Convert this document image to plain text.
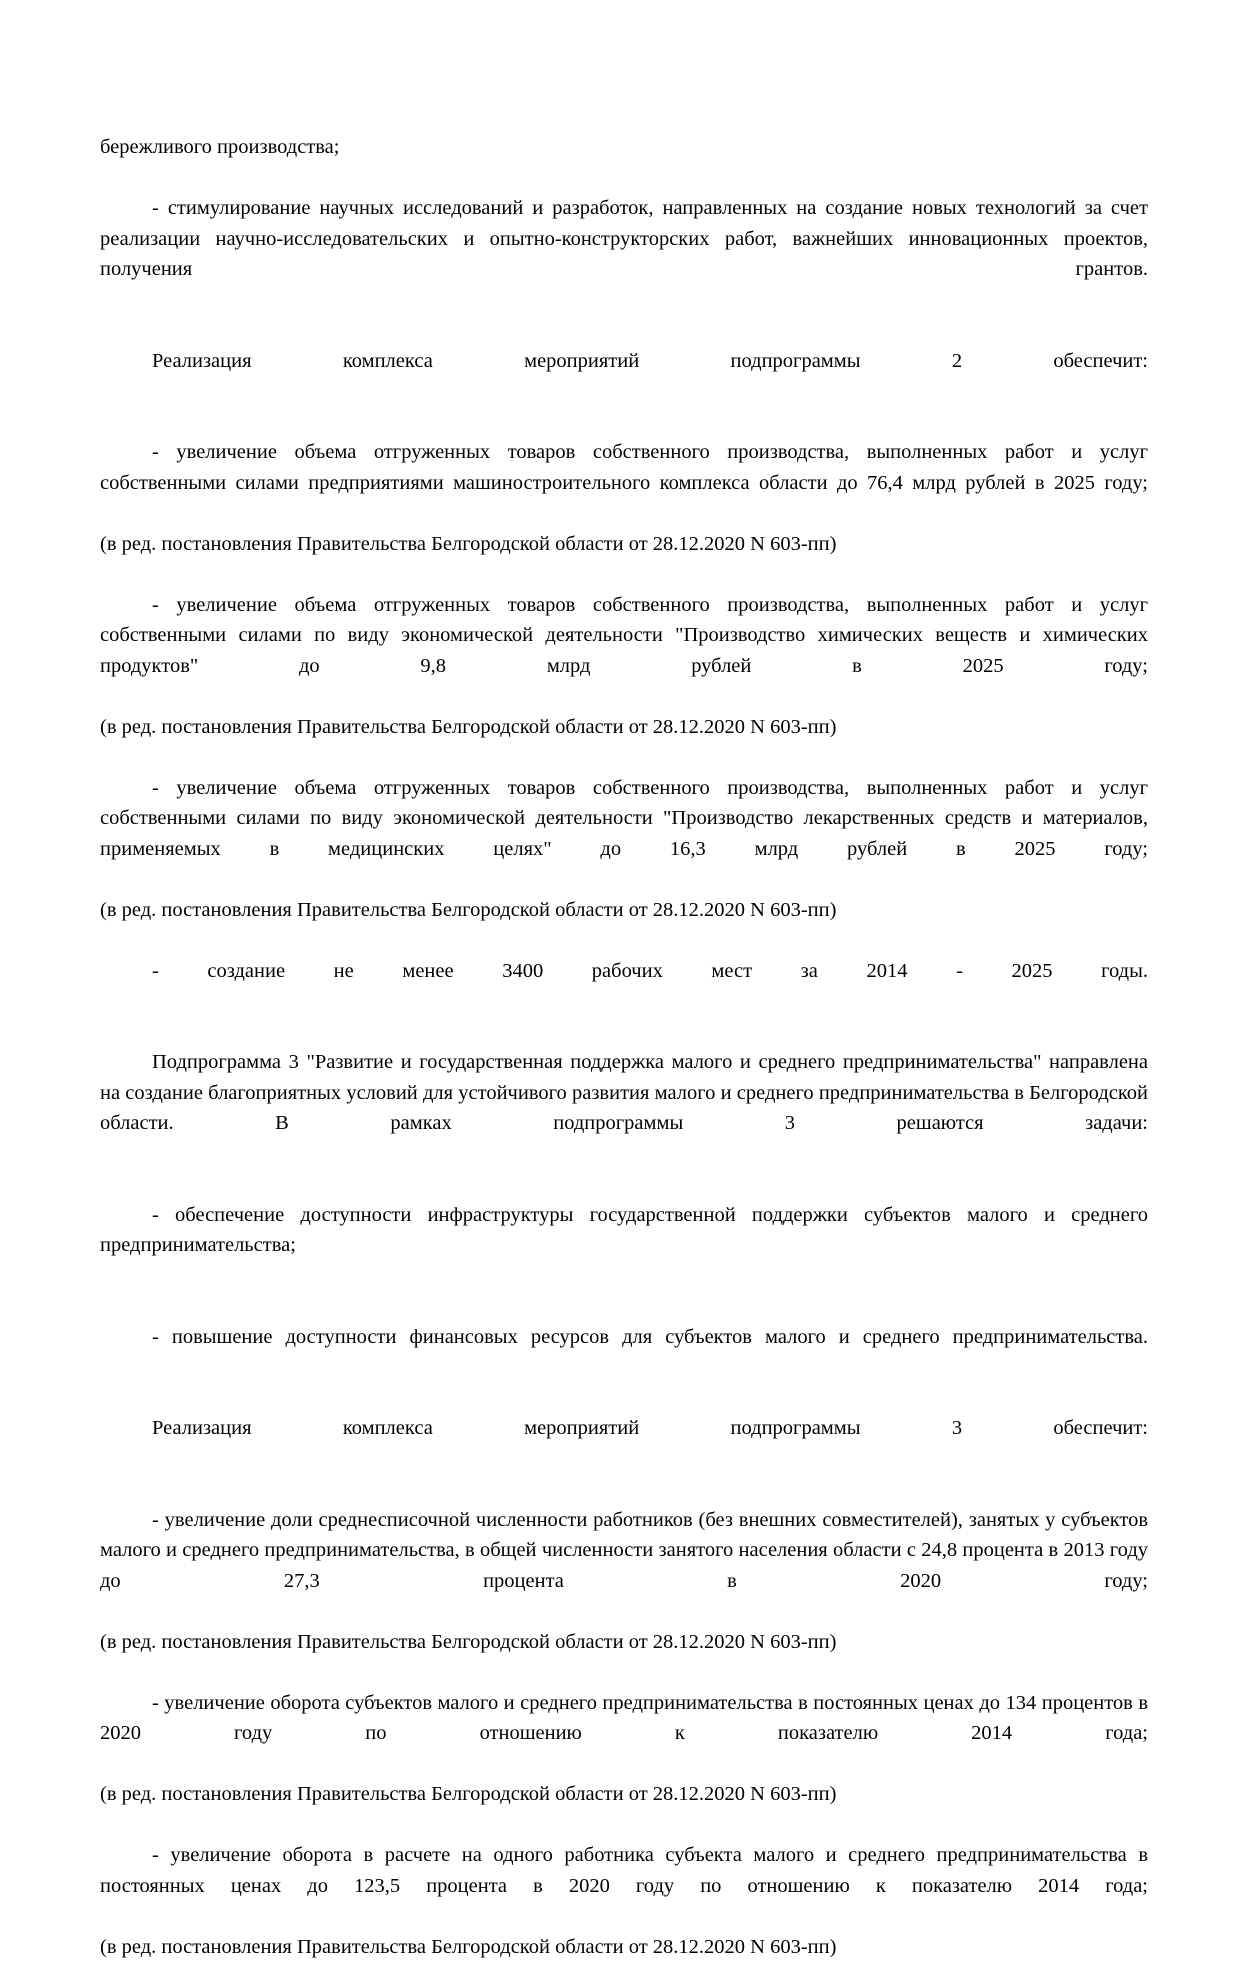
бережливого производства;

- стимулирование научных исследований и разработок, направленных на создание новых технологий за счет реализации научно-исследовательских и опытно-конструкторских работ, важнейших инновационных проектов, получения грантов.

Реализация комплекса мероприятий подпрограммы 2 обеспечит:

- увеличение объема отгруженных товаров собственного производства, выполненных работ и услуг собственными силами предприятиями машиностроительного комплекса области до 76,4 млрд рублей в 2025 году;

(в ред. постановления Правительства Белгородской области от 28.12.2020 N 603-пп)

- увеличение объема отгруженных товаров собственного производства, выполненных работ и услуг собственными силами по виду экономической деятельности "Производство химических веществ и химических продуктов" до 9,8 млрд рублей в 2025 году;

(в ред. постановления Правительства Белгородской области от 28.12.2020 N 603-пп)

- увеличение объема отгруженных товаров собственного производства, выполненных работ и услуг собственными силами по виду экономической деятельности "Производство лекарственных средств и материалов, применяемых в медицинских целях" до 16,3 млрд рублей в 2025 году;

(в ред. постановления Правительства Белгородской области от 28.12.2020 N 603-пп)

- создание не менее 3400 рабочих мест за 2014 - 2025 годы.

Подпрограмма 3 "Развитие и государственная поддержка малого и среднего предпринимательства" направлена на создание благоприятных условий для устойчивого развития малого и среднего предпринимательства в Белгородской области. В рамках подпрограммы 3 решаются задачи:

- обеспечение доступности инфраструктуры государственной поддержки субъектов малого и среднего предпринимательства;

- повышение доступности финансовых ресурсов для субъектов малого и среднего предпринимательства.

Реализация комплекса мероприятий подпрограммы 3 обеспечит:

- увеличение доли среднесписочной численности работников (без внешних совместителей), занятых у субъектов малого и среднего предпринимательства, в общей численности занятого населения области с 24,8 процента в 2013 году до 27,3 процента в 2020 году;

(в ред. постановления Правительства Белгородской области от 28.12.2020 N 603-пп)

- увеличение оборота субъектов малого и среднего предпринимательства в постоянных ценах до 134 процентов в 2020 году по отношению к показателю 2014 года;

(в ред. постановления Правительства Белгородской области от 28.12.2020 N 603-пп)

- увеличение оборота в расчете на одного работника субъекта малого и среднего предпринимательства в постоянных ценах до 123,5 процента в 2020 году по отношению к показателю 2014 года;

(в ред. постановления Правительства Белгородской области от 28.12.2020 N 603-пп)
